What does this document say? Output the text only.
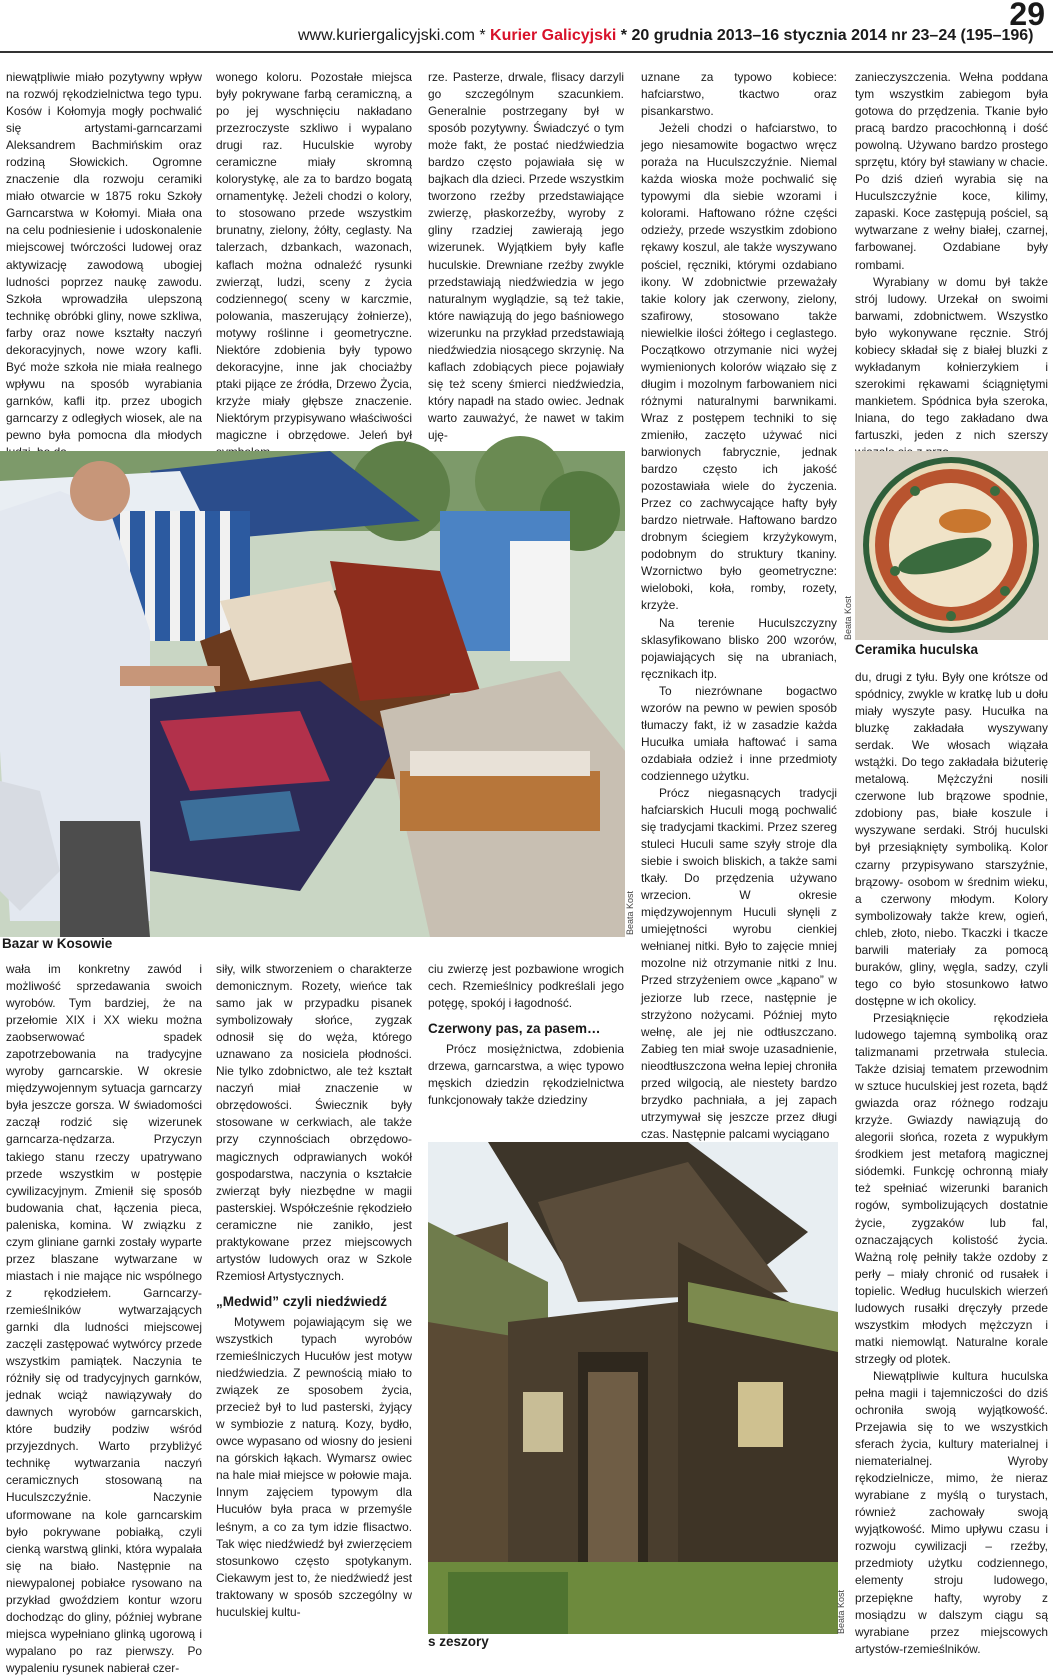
www.kuriergalicyjski.com * Kurier Galicyjski * 20 grudnia 2013–16 stycznia 2014 nr 23–24 (195–196)
29

niewątpliwie miało pozytywny wpływ na rozwój rękodzielnictwa tego typu. Kosów i Kołomyja mogły pochwalić się artystami-garncarzami Aleksandrem Bachmińskim oraz rodziną Słowickich. Ogromne znaczenie dla rozwoju ceramiki miało otwarcie w 1875 roku Szkoły Garncarstwa w Kołomyi. Miała ona na celu podniesienie i udoskonalenie miejscowej twórczości ludowej oraz aktywizację zawodową ubogiej ludności poprzez naukę zawodu. Szkoła wprowadziła ulepszoną technikę obróbki gliny, nowe szkliwa, farby oraz nowe kształty naczyń dekoracyjnych, nowe wzory kafli. Być może szkoła nie miała realnego wpływu na sposób wyrabiania garnków, kafli itp. przez ubogich garncarzy z odległych wiosek, ale na pewno była pomocna dla młodych

wonego koloru. Pozostałe miejsca były pokrywane farbą ceramiczną, a po jej wyschnięciu nakładano przezroczyste szkliwo i wypalano drugi raz. Huculskie wyroby ceramiczne miały skromną kolorystykę, ale za to bardzo bogatą ornamentykę. Jeżeli chodzi o kolory, to stosowano przede wszystkim brunatny, zielony, żółty, ceglasty. Na talerzach, dzbankach, wazonach, kaflach można odnaleźć rysunki zwierząt, ludzi, sceny z życia codziennego( sceny w karczmie, polowania, maszerujący żołnierze), motywy roślinne i geometryczne. Niektóre zdobienia były typowo dekoracyjne, inne jak chociażby ptaki pijące ze źródła, Drzewo Życia, krzyże miały głębsze znaczenie. Niektórym przypisywano właściwości magiczne i obrzędowe. Jeleń był

rze. Pasterze, drwale, flisacy darzyli go szczególnym szacunkiem. Generalnie postrzegany był w sposób pozytywny. Świadczyć o tym może fakt, że postać niedźwiedzia bardzo często pojawiała się w bajkach dla dzieci. Przede wszystkim tworzono rzeźby przedstawiające zwierzę, płaskorzeźby, wyroby z gliny rzadziej zawierają jego wizerunek. Wyjątkiem były kafle huculskie. Drewniane rzeźby zwykle przedstawiają niedźwiedzia w jego naturalnym wyglądzie, są też takie, które nawiązują do jego baśniowego wizerunku na przykład przedstawiają niedźwiedzia niosącego skrzynię. Na kaflach zdobiących piece pojawiały się też sceny śmierci niedźwiedzia, który napadł na stado owiec. Jednak warto zauważyć, że nawet w takim uję-

uznane za typowo kobiece: hafciarstwo, tkactwo oraz pisankarstwo.

Jeżeli chodzi o hafciarstwo, to jego niesamowite bogactwo wręcz poraża na Huculszczyźnie. Niemal każda wioska może pochwalić się typowymi dla siebie wzorami i kolorami. Haftowano różne części odzieży, przede wszystkim zdobiono rękawy koszul, ale także wyszywano pościel, ręczniki, którymi ozdabiano ikony. W zdobnictwie przeważały takie kolory jak czerwony, zielony, szafirowy, stosowano także niewielkie ilości żółtego i ceglastego. Początkowo otrzymanie nici wyżej wymienionych kolorów wiązało się z długim i mozolnym farbowaniem nici różnymi naturalnymi barwnikami. Wraz z postępem techniki to się zmieniło, zaczęto używać nici barwionych fabrycznie, jednak bardzo często ich jakość pozostawiała wiele do życzenia. Przez co zachwycające hafty były bardzo nietrwałe. Haftowano bardzo drobnym ściegiem krzyżykowym, podobnym do struktury tkaniny. Wzornictwo było geometryczne: wieloboki, koła, romby, rozety, krzyże.

Na terenie Huculszczyzny sklasyfikowano blisko 200 wzorów, pojawiających się na ubraniach, ręcznikach itp.

To niezrównane bogactwo wzorów na pewno w pewien sposób tłumaczy fakt, iż w zasadzie każda Hucułka umiała haftować i sama ozdabiała odzież i inne przedmioty codziennego użytku.

Prócz niegasnących tradycji hafciarskich Huculi mogą pochwalić się tradycjami tkackimi. Przez szereg stuleci Huculi same szyły stroje dla siebie i swoich bliskich, a także sami tkały. Do przędzenia używano wrzecion. W okresie międzywojennym Huculi słynęli z umiejętności wyrobu cienkiej wełnianej nitki. Było to zajęcie mniej mozolne niż otrzymanie nitki z lnu. Przed strzyżeniem owce „kąpano” w jeziorze lub rzece, następnie je strzyżono nożycami. Później myto wełnę, ale jej nie odtłuszczano. Zabieg ten miał swoje uzasadnienie, nieodtłuszczona wełna lepiej chroniła przed wilgocią, ale niestety bardzo brzydko pachniała, a jej zapach utrzymywał się jeszcze przez długi czas. Następnie palcami wyciągano

zanieczyszczenia. Wełna poddana tym wszystkim zabiegom była gotowa do przędzenia. Tkanie było pracą bardzo pracochłonną i dość powolną. Używano bardzo prostego sprzętu, który był stawiany w chacie. Po dziś dzień wyrabia się na Huculszczyźnie koce, kilimy, zapaski. Koce zastępują pościel, są wytwarzane z wełny białej, czarnej, farbowanej. Ozdabiane były rombami.

Wyrabiany w domu był także strój ludowy. Urzekał on swoimi barwami, zdobnictwem. Wszystko było wykonywane ręcznie. Strój kobiecy składał się z białej bluzki z wykładanym kołnierzykiem i szerokimi rękawami ściągniętymi mankietem. Spódnica była szeroka, lniana, do tego zakładano dwa fartuszki, jeden z nich szerszy

Bazar w Kosowie
Beata Kost
Beata Kost
Ceramika huculska

du, drugi z tyłu. Były one krótsze od spódnicy, zwykle w kratkę lub u dołu miały wyszyte pasy. Hucułka na bluzkę zakładała wyszywany serdak. We włosach wiązała wstążki. Do tego zakładała biżuterię metalową. Mężczyźni nosili czerwone lub brązowe spodnie, zdobiony pas, białe koszule i wyszywane serdaki. Strój huculski był przesiąknięty symboliką. Kolor czarny przypisywano starszyźnie, brązowy- osobom w średnim wieku, a czerwony młodym. Kolory symbolizowały także krew, ogień, chleb, złoto, niebo. Tkaczki i tkacze barwili materiały za pomocą buraków, gliny, węgla, sadzy, czyli tego co było stosunkowo łatwo dostępne w ich okolicy.

Przesiąknięcie rękodzieła ludowego tajemną symboliką oraz talizmanami przetrwała stulecia. Także dzisiaj tematem przewodnim w sztuce huculskiej jest rozeta, bądź gwiazda oraz różnego rodzaju krzyże. Gwiazdy nawiązują do alegorii słońca, rozeta z wypukłym środkiem jest metaforą magicznej siódemki. Funkcję ochronną miały też spełniać wizerunki baranich rogów, symbolizujących dostatnie życie, zygzaków lub fal, oznaczających kolistość życia. Ważną rolę pełniły także ozdoby z perły – miały chronić od rusałek i topielic. Według huculskich wierzeń ludowych rusałki dręczyły przede wszystkim młodych mężczyzn i matki niemowląt. Naturalne korale strzegły od plotek.

Niewątpliwie kultura huculska pełna magii i tajemniczości do dziś ochroniła swoją wyjątkowość. Przejawia się to we wszystkich sferach życia, kultury materialnej i niematerialnej. Wyroby rękodzielnicze, mimo, że nieraz wyrabiane z myślą o turystach, również zachowały swoją wyjątkowość. Mimo upływu czasu i rozwoju cywilizacji – rzeźby, przedmioty użytku codziennego, elementy stroju ludowego, przepiękne hafty, wyroby z mosiądzu w dalszym ciągu są wyrabiane przez miejscowych artystów-rzemieślników.

wała im konkretny zawód i możliwość sprzedawania swoich wyrobów. Tym bardziej, że na przełomie XIX i XX wieku można zaobserwować spadek zapotrzebowania na tradycyjne wyroby garncarskie. W okresie międzywojennym sytuacja garncarzy była jeszcze gorsza. W świadomości zaczął rodzić się wizerunek garncarza-nędzarza. Przyczyn takiego stanu rzeczy upatrywano przede wszystkim w postępie cywilizacyjnym. Zmienił się sposób budowania chat, łączenia pieca, paleniska, komina. W związku z czym gliniane garnki zostały wyparte przez blaszane wytwarzane w miastach i nie mające nic wspólnego z rękodziełem. Garncarzy-rzemieślników wytwarzających garnki dla ludności miejscowej zaczęli zastępować wytwórcy przede wszystkim pamiątek. Naczynia te różniły się od tradycyjnych garnków, jednak wciąż nawiązywały do dawnych wyrobów garncarskich, które budziły podziw wśród przyjezdnych. Warto przybliżyć technikę wytwarzania naczyń ceramicznych stosowaną na Huculszczyźnie. Naczynie uformowane na kole garncarskim było pokrywane pobiałką, czyli cienką warstwą glinki, która wypalała się na biało. Następnie na niewypalonej pobiałce rysowano na przykład gwoździem kontur wzoru dochodząc do gliny, później wybrane miejsca wypełniano glinką ugorową i wypalano po raz pierwszy. Po wypaleniu rysunek nabierał czer-

siły, wilk stworzeniem o charakterze demonicznym. Rozety, wieńce tak samo jak w przypadku pisanek symbolizowały słońce, zygzak odnosił się do węża, którego uznawano za nosiciela płodności. Nie tylko zdobnictwo, ale też kształt naczyń miał znaczenie w obrzędowości. Świecznik były stosowane w cerkwiach, ale także przy czynnościach obrzędowo-magicznych odprawianych wokół gospodarstwa, naczynia o kształcie zwierząt były niezbędne w magii pasterskiej. Współcześnie rękodzieło ceramiczne nie zanikło, jest praktykowane przez miejscowych artystów ludowych oraz w Szkole Rzemiosł Artystycznych.

„Medwid” czyli niedźwiedź

Motywem pojawiającym się we wszystkich typach wyrobów rzemieślniczych Hucułów jest motyw niedźwiedzia. Z pewnością miało to związek ze sposobem życia, przecież był to lud pasterski, żyjący w symbiozie z naturą. Kozy, bydło, owce wypasano od wiosny do jesieni na górskich łąkach. Wymarsz owiec na hale miał miejsce w połowie maja. Innym zajęciem typowym dla Hucułów była praca w przemyśle leśnym, a co za tym idzie flisactwo. Tak więc niedźwiedź był zwierzęciem stosunkowo często spotykanym. Ciekawym jest to, że niedźwiedź jest traktowany w sposób szczególny w huculskiej kultu-

ciu zwierzę jest pozbawione wrogich cech. Rzemieślnicy podkreślali jego potęgę, spokój i łagodność.

Czerwony pas, za pasem…

Prócz mosiężnictwa, zdobienia drzewa, garncarstwa, a więc typowo męskich dziedzin rękodzielnictwa funkcjonowały także dziedziny

Beata Kost
s zeszory
